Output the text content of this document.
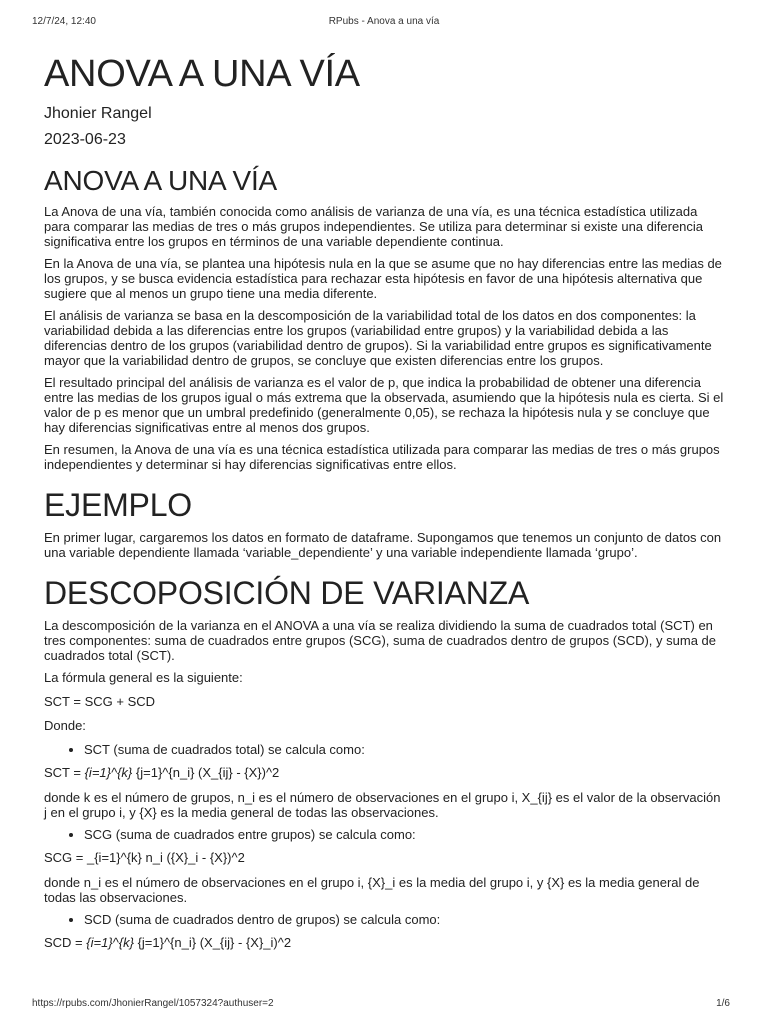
12/7/24, 12:40	RPubs - Anova a una vía
ANOVA A UNA VÍA
Jhonier Rangel
2023-06-23
ANOVA A UNA VÍA

La Anova de una vía, también conocida como análisis de varianza de una vía, es una técnica estadística utilizada para comparar las medias de tres o más grupos independientes. Se utiliza para determinar si existe una diferencia significativa entre los grupos en términos de una variable dependiente continua.

En la Anova de una vía, se plantea una hipótesis nula en la que se asume que no hay diferencias entre las medias de los grupos, y se busca evidencia estadística para rechazar esta hipótesis en favor de una hipótesis alternativa que sugiere que al menos un grupo tiene una media diferente.

El análisis de varianza se basa en la descomposición de la variabilidad total de los datos en dos componentes: la variabilidad debida a las diferencias entre los grupos (variabilidad entre grupos) y la variabilidad debida a las diferencias dentro de los grupos (variabilidad dentro de grupos). Si la variabilidad entre grupos es significativamente mayor que la variabilidad dentro de grupos, se concluye que existen diferencias entre los grupos.

El resultado principal del análisis de varianza es el valor de p, que indica la probabilidad de obtener una diferencia entre las medias de los grupos igual o más extrema que la observada, asumiendo que la hipótesis nula es cierta. Si el valor de p es menor que un umbral predefinido (generalmente 0,05), se rechaza la hipótesis nula y se concluye que hay diferencias significativas entre al menos dos grupos.

En resumen, la Anova de una vía es una técnica estadística utilizada para comparar las medias de tres o más grupos independientes y determinar si hay diferencias significativas entre ellos.

EJEMPLO

En primer lugar, cargaremos los datos en formato de dataframe. Supongamos que tenemos un conjunto de datos con una variable dependiente llamada ‘variable_dependiente’ y una variable independiente llamada ‘grupo’.

DESCOPOSICIÓN DE VARIANZA

La descomposición de la varianza en el ANOVA a una vía se realiza dividiendo la suma de cuadrados total (SCT) en tres componentes: suma de cuadrados entre grupos (SCG), suma de cuadrados dentro de grupos (SCD), y suma de cuadrados total (SCT).

La fórmula general es la siguiente:

SCT = SCG + SCD

Donde:

• SCT (suma de cuadrados total) se calcula como:
SCT = {i=1}^{k} {j=1}^{n_i} (X_{ij} - {X})^2

donde k es el número de grupos, n_i es el número de observaciones en el grupo i, X_{ij} es el valor de la observación j en el grupo i, y {X} es la media general de todas las observaciones.

• SCG (suma de cuadrados entre grupos) se calcula como:
SCG = _{i=1}^{k} n_i ({X}_i - {X})^2

donde n_i es el número de observaciones en el grupo i, {X}_i es la media del grupo i, y {X} es la media general de todas las observaciones.

• SCD (suma de cuadrados dentro de grupos) se calcula como:
SCD = {i=1}^{k} {j=1}^{n_i} (X_{ij} - {X}_i)^2
https://rpubs.com/JhonierRangel/1057324?authuser=2	1/6
